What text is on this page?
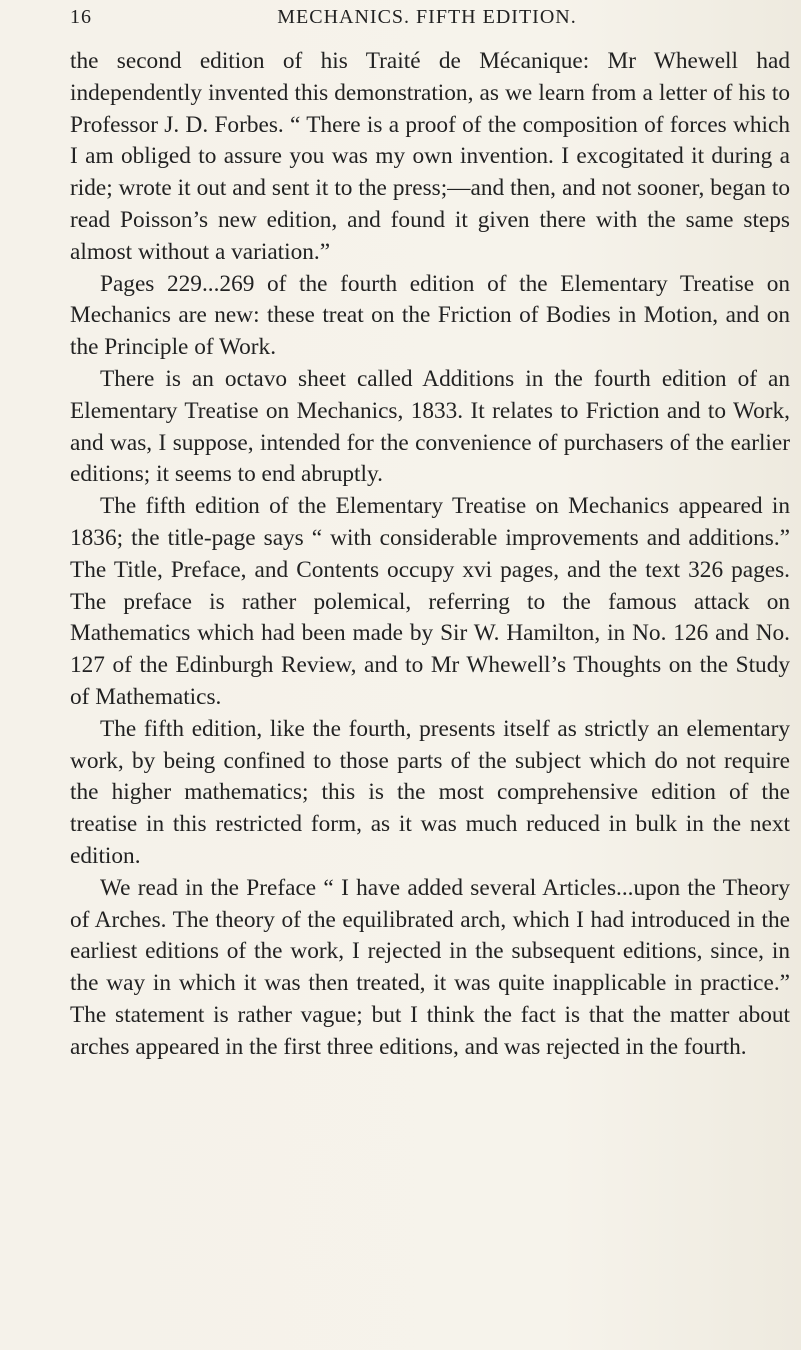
16	MECHANICS. FIFTH EDITION.

the second edition of his Traité de Mécanique: Mr Whewell had independently invented this demonstration, as we learn from a letter of his to Professor J. D. Forbes. “ There is a proof of the composition of forces which I am obliged to assure you was my own invention. I excogitated it during a ride; wrote it out and sent it to the press;—and then, and not sooner, began to read Poisson’s new edition, and found it given there with the same steps almost without a variation.”

Pages 229...269 of the fourth edition of the Elementary Treatise on Mechanics are new: these treat on the Friction of Bodies in Motion, and on the Principle of Work.

There is an octavo sheet called Additions in the fourth edition of an Elementary Treatise on Mechanics, 1833. It relates to Friction and to Work, and was, I suppose, intended for the convenience of purchasers of the earlier editions; it seems to end abruptly.

The fifth edition of the Elementary Treatise on Mechanics appeared in 1836; the title-page says “ with considerable improvements and additions.” The Title, Preface, and Contents occupy xvi pages, and the text 326 pages. The preface is rather polemical, referring to the famous attack on Mathematics which had been made by Sir W. Hamilton, in No. 126 and No. 127 of the Edinburgh Review, and to Mr Whewell’s Thoughts on the Study of Mathematics.

The fifth edition, like the fourth, presents itself as strictly an elementary work, by being confined to those parts of the subject which do not require the higher mathematics; this is the most comprehensive edition of the treatise in this restricted form, as it was much reduced in bulk in the next edition.

We read in the Preface “ I have added several Articles...upon the Theory of Arches. The theory of the equilibrated arch, which I had introduced in the earliest editions of the work, I rejected in the subsequent editions, since, in the way in which it was then treated, it was quite inapplicable in practice.” The statement is rather vague; but I think the fact is that the matter about arches appeared in the first three editions, and was rejected in the fourth.
